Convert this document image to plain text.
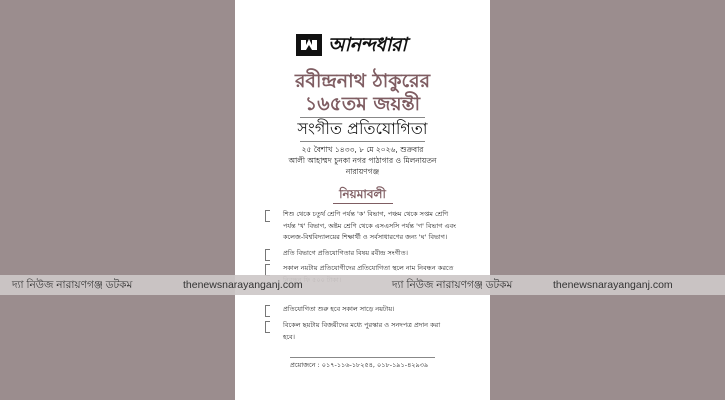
আনন্দধারা
রবীন্দ্রনাথ ঠাকুরের
১৬৫তম জয়ন্তী
সংগীত প্রতিযোগিতা
২৫ বৈশাখ ১৪৩৩, ৮ মে ২০২৬, শুক্রবার
আলী আহাম্মদ চুনকা নগর পাঠাগার ও মিলনায়তন
নারায়ণগঞ্জ
নিয়মাবলী
শিশু থেকে চতুর্থ শ্রেণি পর্যন্ত 'ক' বিভাগ, পঞ্চম থেকে সপ্তম শ্রেণি
পর্যন্ত 'খ' বিভাগ, অষ্টম শ্রেণি থেকে এসএসসি পর্যন্ত 'গ' বিভাগ এবং
কলেজ-বিশ্ববিদ্যালয়ের শিক্ষার্থী ও সর্বসাধারণের জন্য 'ঘ' বিভাগ।
প্রতি বিভাগে প্রতিযোগিতার বিষয় রবীন্দ্র সংগীত।
সকাল নয়টায় প্রতিযোগীদের প্রতিযোগিতা স্থলে নাম নিবন্ধন করতে
প্রতিযোগিতা শুরু হবে সকাল সাড়ে নয়টায়।
বিকেল ছয়টায় বিজয়ীদের মধ্যে পুরস্কার ও সনদপত্র প্রদান করা
হবে।
দ্যা নিউজ নারায়ণগঞ্জ ডটকম	thenewsnarayanganj.com	দ্যা নিউজ নারায়ণগঞ্জ ডটকম	thenewsnarayanganj.com
প্রয়োজনে : ০১৭-১১৬-১৮২৫৪, ০১৮-১৯১-৪২৯৩৯
